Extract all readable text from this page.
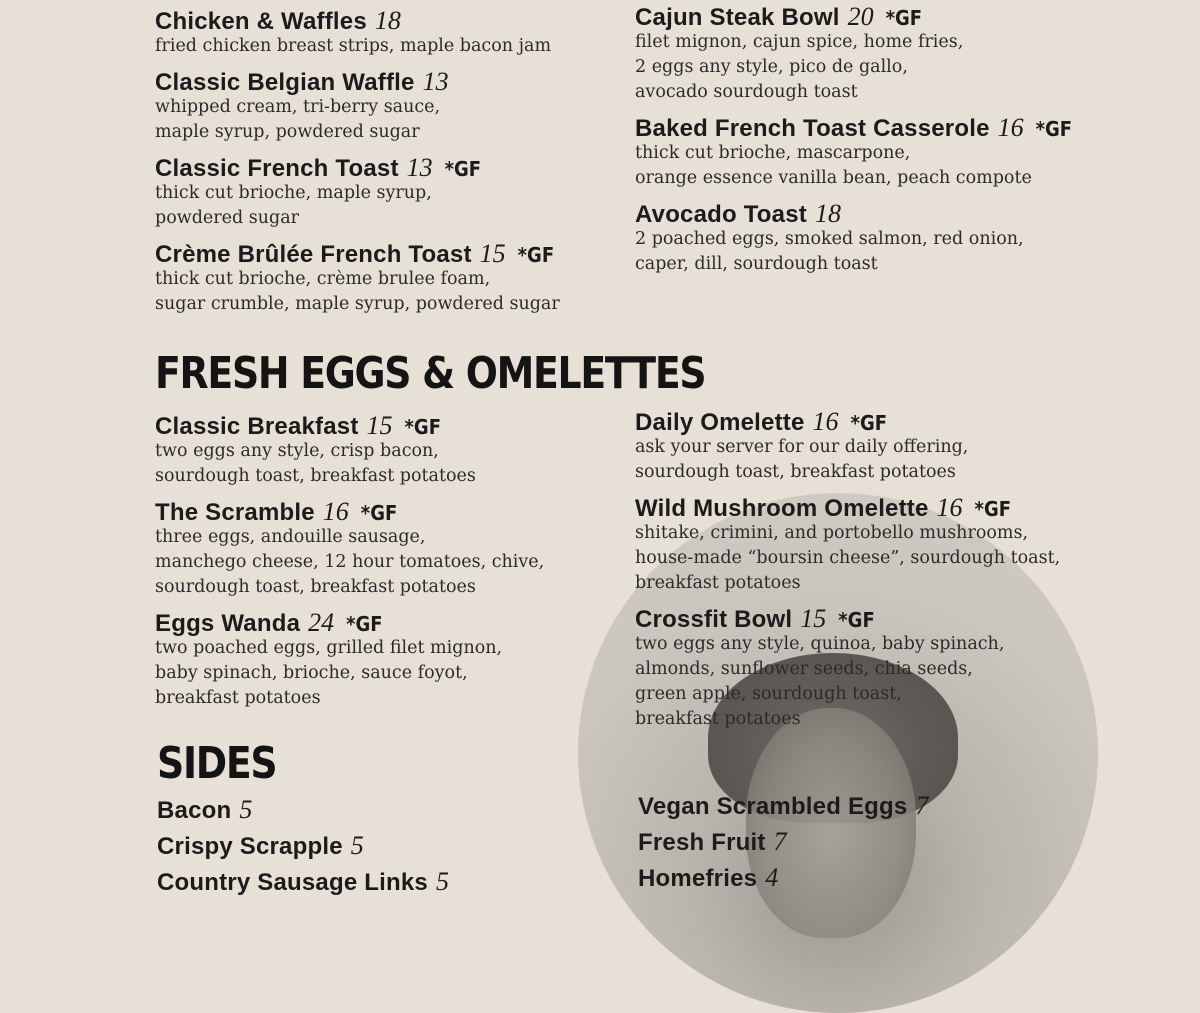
Chicken & Waffles 18
fried chicken breast strips, maple bacon jam
Classic Belgian Waffle 13
whipped cream, tri-berry sauce,
maple syrup, powdered sugar
Classic French Toast 13 *GF
thick cut brioche, maple syrup,
powdered sugar
Crème Brûlée French Toast 15 *GF
thick cut brioche, crème brulee foam,
sugar crumble, maple syrup, powdered sugar
Cajun Steak Bowl 20 *GF
filet mignon, cajun spice, home fries,
2 eggs any style, pico de gallo,
avocado sourdough toast
Baked French Toast Casserole 16 *GF
thick cut brioche, mascarpone,
orange essence vanilla bean, peach compote
Avocado Toast 18
2 poached eggs, smoked salmon, red onion,
caper, dill, sourdough toast
FRESH EGGS & OMELETTES
Classic Breakfast 15 *GF
two eggs any style, crisp bacon,
sourdough toast, breakfast potatoes
The Scramble 16 *GF
three eggs, andouille sausage,
manchego cheese, 12 hour tomatoes, chive,
sourdough toast, breakfast potatoes
Eggs Wanda 24 *GF
two poached eggs, grilled filet mignon,
baby spinach, brioche, sauce foyot,
breakfast potatoes
Daily Omelette 16 *GF
ask your server for our daily offering,
sourdough toast, breakfast potatoes
Wild Mushroom Omelette 16 *GF
shitake, crimini, and portobello mushrooms,
house-made “boursin cheese”, sourdough toast,
breakfast potatoes
Crossfit Bowl 15 *GF
two eggs any style, quinoa, baby spinach,
almonds, sunflower seeds, chia seeds,
green apple, sourdough toast,
breakfast potatoes
SIDES
Bacon 5
Crispy Scrapple 5
Country Sausage Links 5
Vegan Scrambled Eggs 7
Fresh Fruit 7
Homefries 4
